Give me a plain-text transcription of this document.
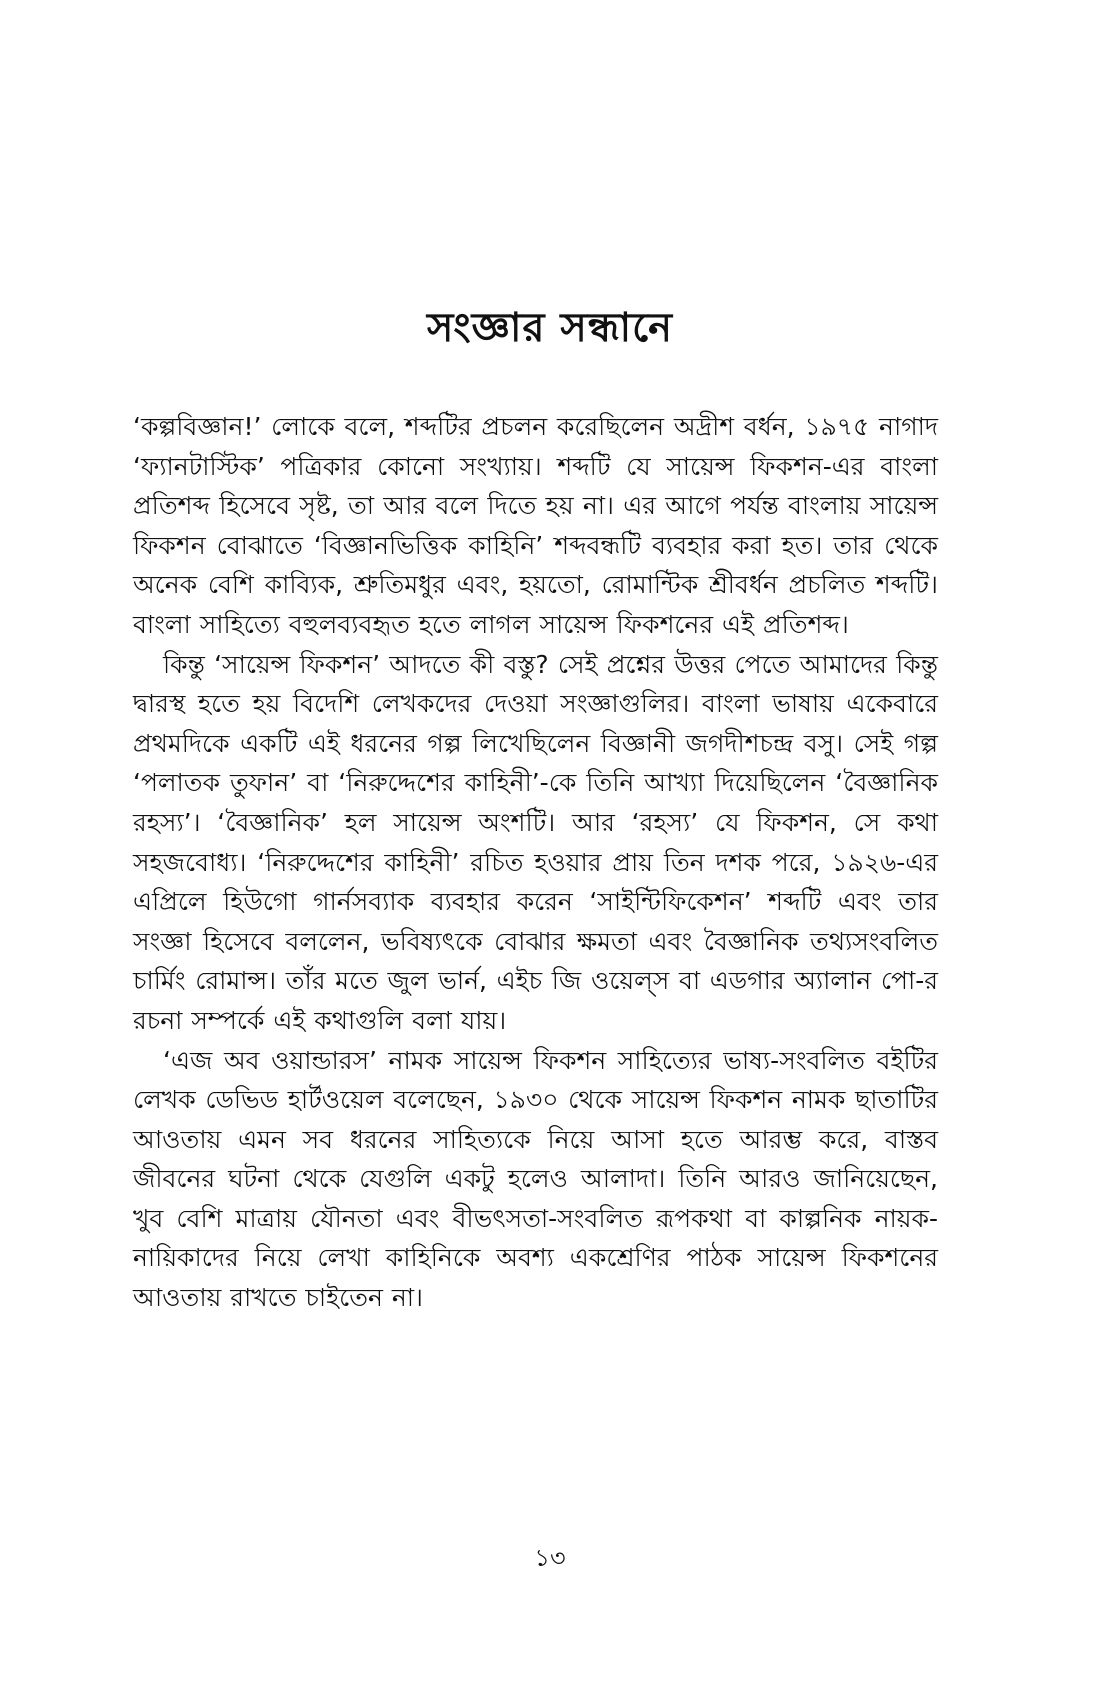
সংজ্ঞার সন্ধানে

‘কল্পবিজ্ঞান!’ লোকে বলে, শব্দটির প্রচলন করেছিলেন অদ্রীশ বর্ধন, ১৯৭৫ নাগাদ ‘ফ্যানটাস্টিক’ পত্রিকার কোনো সংখ্যায়। শব্দটি যে সায়েন্স ফিকশন-এর বাংলা প্রতিশব্দ হিসেবে সৃষ্ট, তা আর বলে দিতে হয় না। এর আগে পর্যন্ত বাংলায় সায়েন্স ফিকশন বোঝাতে ‘বিজ্ঞানভিত্তিক কাহিনি’ শব্দবন্ধটি ব্যবহার করা হত। তার থেকে অনেক বেশি কাব্যিক, শ্রুতিমধুর এবং, হয়তো, রোমান্টিক শ্রীবর্ধন প্রচলিত শব্দটি। বাংলা সাহিত্যে বহুলব্যবহৃত হতে লাগল সায়েন্স ফিকশনের এই প্রতিশব্দ।

কিন্তু ‘সায়েন্স ফিকশন’ আদতে কী বস্তু? সেই প্রশ্নের উত্তর পেতে আমাদের কিন্তু দ্বারস্থ হতে হয় বিদেশি লেখকদের দেওয়া সংজ্ঞাগুলির। বাংলা ভাষায় একেবারে প্রথমদিকে একটি এই ধরনের গল্প লিখেছিলেন বিজ্ঞানী জগদীশচন্দ্র বসু। সেই গল্প ‘পলাতক তুফান’ বা ‘নিরুদ্দেশের কাহিনী’-কে তিনি আখ্যা দিয়েছিলেন ‘বৈজ্ঞানিক রহস্য’। ‘বৈজ্ঞানিক’ হল সায়েন্স অংশটি। আর ‘রহস্য’ যে ফিকশন, সে কথা সহজবোধ্য। ‘নিরুদ্দেশের কাহিনী’ রচিত হওয়ার প্রায় তিন দশক পরে, ১৯২৬-এর এপ্রিলে হিউগো গার্নসব্যাক ব্যবহার করেন ‘সাইন্টিফিকেশন’ শব্দটি এবং তার সংজ্ঞা হিসেবে বললেন, ভবিষ্যৎকে বোঝার ক্ষমতা এবং বৈজ্ঞানিক তথ্যসংবলিত চার্মিং রোমান্স। তাঁর মতে জুল ভার্ন, এইচ জি ওয়েল্‌স বা এডগার অ্যালান পো-র রচনা সম্পর্কে এই কথাগুলি বলা যায়।

‘এজ অব ওয়ান্ডারস’ নামক সায়েন্স ফিকশন সাহিত্যের ভাষ্য-সংবলিত বইটির লেখক ডেভিড হার্টওয়েল বলেছেন, ১৯৩০ থেকে সায়েন্স ফিকশন নামক ছাতাটির আওতায় এমন সব ধরনের সাহিত্যকে নিয়ে আসা হতে আরম্ভ করে, বাস্তব জীবনের ঘটনা থেকে যেগুলি একটু হলেও আলাদা। তিনি আরও জানিয়েছেন, খুব বেশি মাত্রায় যৌনতা এবং বীভৎসতা-সংবলিত রূপকথা বা কাল্পনিক নায়ক-নায়িকাদের নিয়ে লেখা কাহিনিকে অবশ্য একশ্রেণির পাঠক সায়েন্স ফিকশনের আওতায় রাখতে চাইতেন না।

১৩
